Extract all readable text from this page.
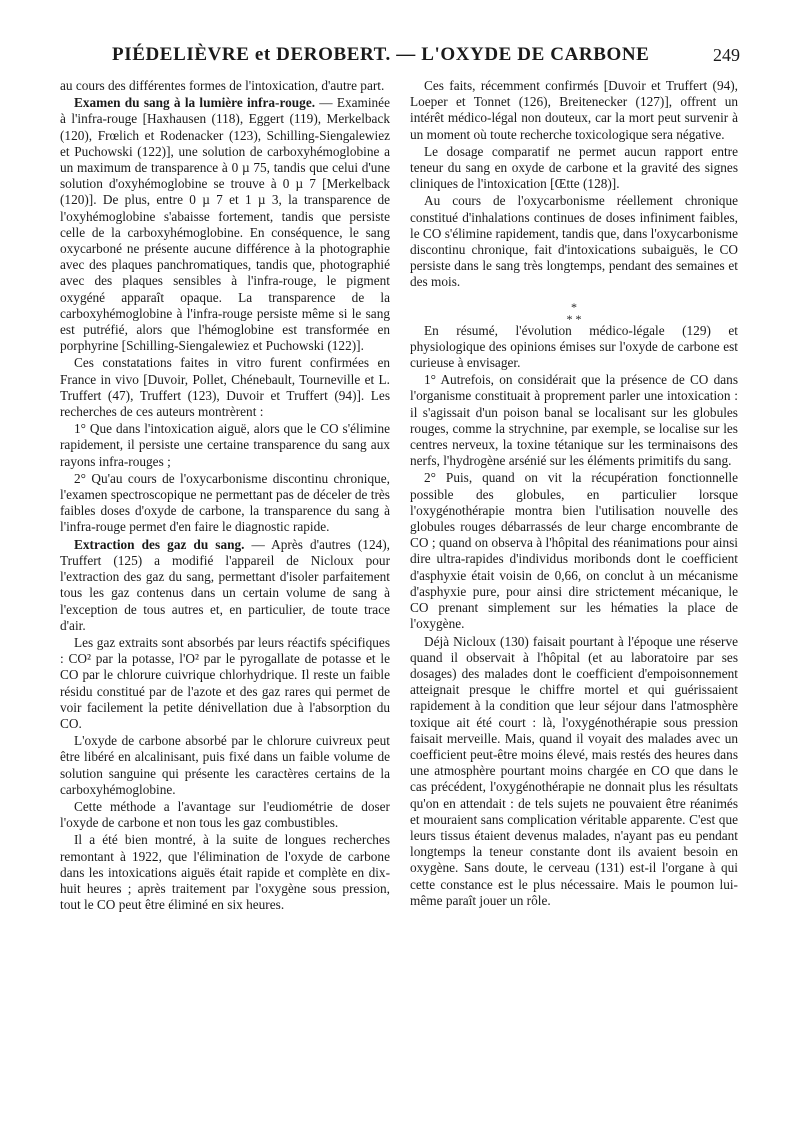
PIÉDELIÈVRE et DEROBERT. — L'OXYDE DE CARBONE	249

au cours des différentes formes de l'intoxication, d'autre part.

Examen du sang à la lumière infra-rouge. — Examinée à l'infra-rouge [Haxhausen (118), Eggert (119), Merkelback (120), Frœlich et Rodenacker (123), Schilling-Siengalewiez et Puchowski (122)], une solution de carboxyhémoglobine a un maximum de transparence à 0 µ 75, tandis que celui d'une solution d'oxyhémoglobine se trouve à 0 µ 7 [Merkelback (120)]. De plus, entre 0 µ 7 et 1 µ 3, la transparence de l'oxyhémoglobine s'abaisse fortement, tandis que persiste celle de la carboxyhémoglobine. En conséquence, le sang oxycarboné ne présente aucune différence à la photographie avec des plaques panchromatiques, tandis que, photographié avec des plaques sensibles à l'infra-rouge, le pigment oxygéné apparaît opaque. La transparence de la carboxyhémoglobine à l'infra-rouge persiste même si le sang est putréfié, alors que l'hémoglobine est transformée en porphyrine [Schilling-Siengalewiez et Puchowski (122)].

Ces constatations faites in vitro furent confirmées en France in vivo [Duvoir, Pollet, Chénebault, Tourneville et L. Truffert (47), Truffert (123), Duvoir et Truffert (94)]. Les recherches de ces auteurs montrèrent :

1° Que dans l'intoxication aiguë, alors que le CO s'élimine rapidement, il persiste une certaine transparence du sang aux rayons infra-rouges ;

2° Qu'au cours de l'oxycarbonisme discontinu chronique, l'examen spectroscopique ne permettant pas de déceler de très faibles doses d'oxyde de carbone, la transparence du sang à l'infra-rouge permet d'en faire le diagnostic rapide.

Extraction des gaz du sang. — Après d'autres (124), Truffert (125) a modifié l'appareil de Nicloux pour l'extraction des gaz du sang, permettant d'isoler parfaitement tous les gaz contenus dans un certain volume de sang à l'exception de tous autres et, en particulier, de toute trace d'air.

Les gaz extraits sont absorbés par leurs réactifs spécifiques : CO² par la potasse, l'O² par le pyrogallate de potasse et le CO par le chlorure cuivrique chlorhydrique. Il reste un faible résidu constitué par de l'azote et des gaz rares qui permet de voir facilement la petite dénivellation due à l'absorption du CO.

L'oxyde de carbone absorbé par le chlorure cuivreux peut être libéré en alcalinisant, puis fixé dans un faible volume de solution sanguine qui présente les caractères certains de la carboxyhémoglobine.

Cette méthode a l'avantage sur l'eudiométrie de doser l'oxyde de carbone et non tous les gaz combustibles.

Il a été bien montré, à la suite de longues recherches remontant à 1922, que l'élimination de l'oxyde de carbone dans les intoxications aiguës était rapide et complète en dix-huit heures ; après traitement par l'oxygène sous pression, tout le CO peut être éliminé en six heures.

Ces faits, récemment confirmés [Duvoir et Truffert (94), Loeper et Tonnet (126), Breitenecker (127)], offrent un intérêt médico-légal non douteux, car la mort peut survenir à un moment où toute recherche toxicologique sera négative.

Le dosage comparatif ne permet aucun rapport entre teneur du sang en oxyde de carbone et la gravité des signes cliniques de l'intoxication [Œtte (128)].

Au cours de l'oxycarbonisme réellement chronique constitué d'inhalations continues de doses infiniment faibles, le CO s'élimine rapidement, tandis que, dans l'oxycarbonisme discontinu chronique, fait d'intoxications subaiguës, le CO persiste dans le sang très longtemps, pendant des semaines et des mois.

*
* *

En résumé, l'évolution médico-légale (129) et physiologique des opinions émises sur l'oxyde de carbone est curieuse à envisager.

1° Autrefois, on considérait que la présence de CO dans l'organisme constituait à proprement parler une intoxication : il s'agissait d'un poison banal se localisant sur les globules rouges, comme la strychnine, par exemple, se localise sur les centres nerveux, la toxine tétanique sur les terminaisons des nerfs, l'hydrogène arsénié sur les éléments primitifs du sang.

2° Puis, quand on vit la récupération fonctionnelle possible des globules, en particulier lorsque l'oxygénothérapie montra bien l'utilisation nouvelle des globules rouges débarrassés de leur charge encombrante de CO ; quand on observa à l'hôpital des réanimations pour ainsi dire ultra-rapides d'individus moribonds dont le coefficient d'asphyxie était voisin de 0,66, on conclut à un mécanisme d'asphyxie pure, pour ainsi dire strictement mécanique, le CO prenant simplement sur les hématies la place de l'oxygène.

Déjà Nicloux (130) faisait pourtant à l'époque une réserve quand il observait à l'hôpital (et au laboratoire par ses dosages) des malades dont le coefficient d'empoisonnement atteignait presque le chiffre mortel et qui guérissaient rapidement à la condition que leur séjour dans l'atmosphère toxique ait été court : là, l'oxygénothérapie sous pression faisait merveille. Mais, quand il voyait des malades avec un coefficient peut-être moins élevé, mais restés des heures dans une atmosphère pourtant moins chargée en CO que dans le cas précédent, l'oxygénothérapie ne donnait plus les résultats qu'on en attendait : de tels sujets ne pouvaient être réanimés et mouraient sans complication véritable apparente. C'est que leurs tissus étaient devenus malades, n'ayant pas eu pendant longtemps la teneur constante dont ils avaient besoin en oxygène. Sans doute, le cerveau (131) est-il l'organe à qui cette constance est le plus nécessaire. Mais le poumon lui-même paraît jouer un rôle.
